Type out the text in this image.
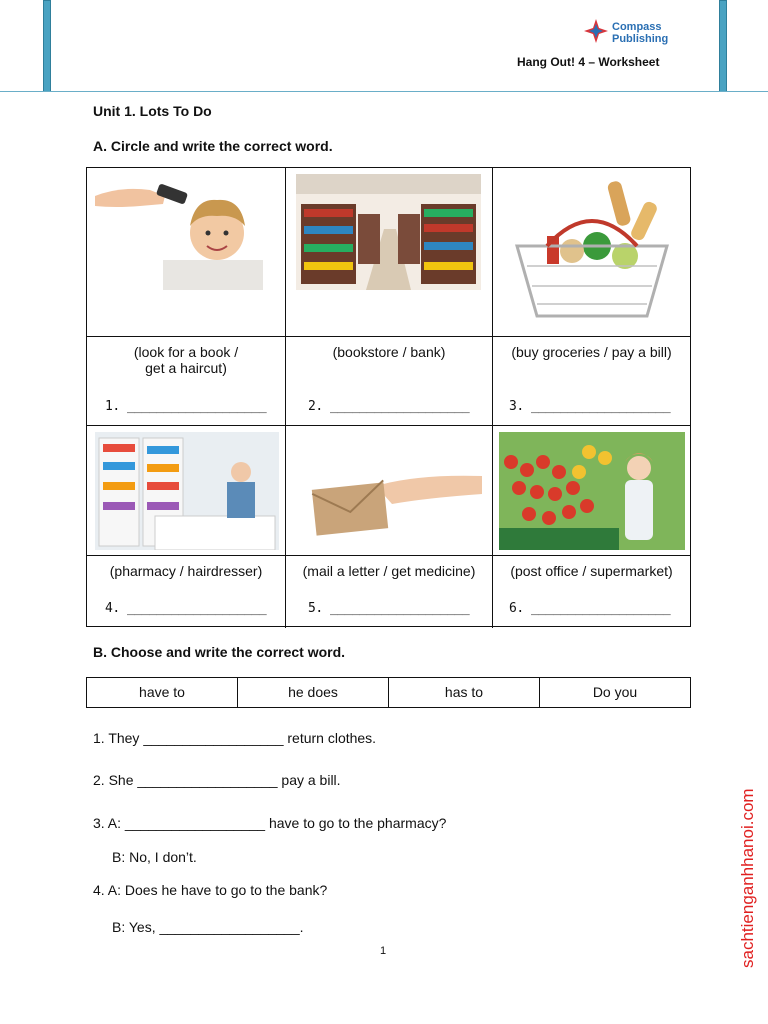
Compass
Publishing
Hang Out! 4 – Worksheet
Unit 1. Lots To Do
A. Circle and write the correct word.
(look for a book /
get a haircut)
1. ___________________
(bookstore / bank)
2. ___________________
(buy groceries / pay a bill)
3. ___________________
(pharmacy / hairdresser)
4. ___________________
(mail a letter / get medicine)
5. ___________________
(post office / supermarket)
6. ___________________
B. Choose and write the correct word.
have to	he does	has to	Do you
1. They __________________ return clothes.
2. She __________________ pay a bill.
3. A: __________________ have to go to the pharmacy?
B: No, I don’t.
4. A: Does he have to go to the bank?
B: Yes, __________________.
1	sachtienganhhanoi.com
